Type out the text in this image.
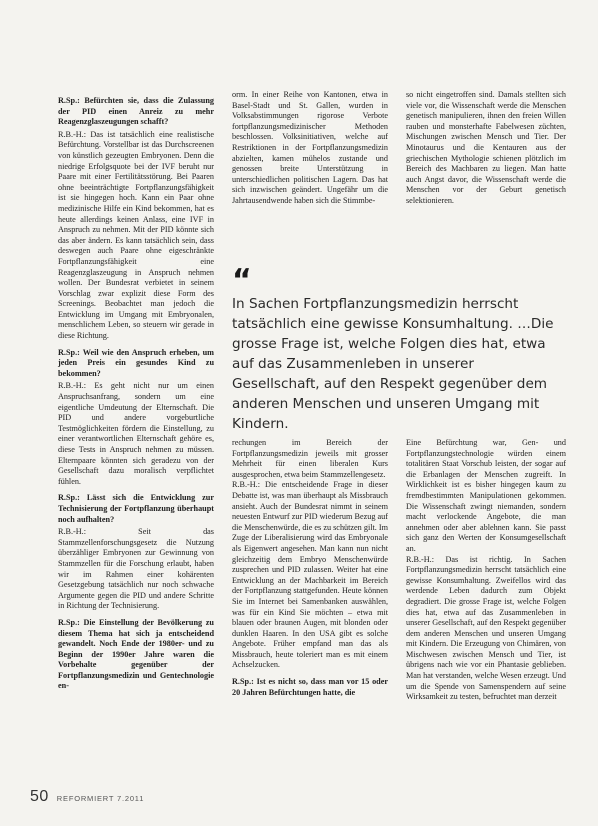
R.Sp.: Befürchten sie, dass die Zulassung der PID einen Anreiz zu mehr Reagenzglaszeugungen schafft?

R.B.-H.: Das ist tatsächlich eine realistische Befürchtung. Vorstellbar ist das Durchscreenen von künstlich gezeugten Embryonen. Denn die niedrige Erfolgsquote bei der IVF beruht nur Paare mit einer Fertilitätsstörung. Bei Paaren ohne beeinträchtigte Fortpflanzungsfähigkeit ist sie hingegen hoch. Kann ein Paar ohne medizinische Hilfe ein Kind bekommen, hat es heute allerdings keinen Anlass, eine IVF in Anspruch zu nehmen. Mit der PID könnte sich das aber ändern. Es kann tatsächlich sein, dass deswegen auch Paare ohne eigeschränkte Fortpflanzungsfähigkeit eine Reagenzglaszeugung in Anspruch nehmen wollen. Der Bundesrat verbietet in seinem Vorschlag zwar explizit diese Form des Screenings. Beobachtet man jedoch die Entwicklung im Umgang mit Embryonalen, menschlichem Leben, so steuern wir gerade in diese Richtung.

R.Sp.: Weil wie den Anspruch erheben, um jeden Preis ein gesundes Kind zu bekommen?

R.B.-H.: Es geht nicht nur um einen Anspruchsanfrang, sondern um eine eigentliche Umdeutung der Elternschaft. Die PID und andere vorgeburtliche Testmöglichkeiten fördern die Einstellung, zu einer verantwortlichen Elternschaft gehöre es, diese Tests in Anspruch nehmen zu müssen. Elternpaare könnten sich geradezu von der Gesellschaft dazu moralisch verpflichtet fühlen.

R.Sp.: Lässt sich die Entwicklung zur Technisierung der Fortpflanzung überhaupt noch aufhalten?

R.B.-H.: Seit das Stammzellenforschungsgesetz die Nutzung überzähliger Embryonen zur Gewinnung von Stammzellen für die Forschung erlaubt, haben wir im Rahmen einer kohärenten Gesetzgebung tatsächlich nur noch schwache Argumente gegen die PID und andere Schritte in Richtung der Technisierung.

R.Sp.: Die Einstellung der Bevölkerung zu diesem Thema hat sich ja entscheidend gewandelt. Noch Ende der 1980er- und zu Beginn der 1990er Jahre waren die Vorbehalte gegenüber der Fortpflanzungsmedizin und Gentechnologie en-

orm. In einer Reihe von Kantonen, etwa in Basel-Stadt und St. Gallen, wurden in Volksabstimmungen rigorose Verbote fortpflanzungsmedizinischer Methoden beschlossen. Volksinitiativen, welche auf Restriktionen in der Fortpflanzungsmedizin abzielten, kamen mühelos zustande und genossen breite Unterstützung in unterschiedlichen politischen Lagern. Das hat sich inzwischen geändert. Ungefähr um die Jahrtausendwende haben sich die Stimmbe-

so nicht eingetroffen sind. Damals stellten sich viele vor, die Wissenschaft werde die Menschen genetisch manipulieren, ihnen den freien Willen rauben und monsterhafte Fabelwesen züchten, Mischungen zwischen Mensch und Tier. Der Minotaurus und die Kentauren aus der griechischen Mythologie schienen plötzlich im Bereich des Machbaren zu liegen. Man hatte auch Angst davor, die Wissenschaft werde die Menschen vor der Geburt genetisch selektionieren.

“

In Sachen Fortpflanzungsmedizin herrscht tatsächlich eine gewisse Konsumhaltung. …Die grosse Frage ist, welche Folgen dies hat, etwa auf das Zusammenleben in unserer Gesellschaft, auf den Respekt gegenüber dem anderen Menschen und unseren Umgang mit Kindern.

rechungen im Bereich der Fortpflanzungsmedizin jeweils mit grosser Mehrheit für einen liberalen Kurs ausgesprochen, etwa beim Stammzellengesetz.

R.B.-H.: Die entscheidende Frage in dieser Debatte ist, was man überhaupt als Missbrauch ansieht. Auch der Bundesrat nimmt in seinem neuesten Entwurf zur PID wiederum Bezug auf die Menschenwürde, die es zu schützen gilt. Im Zuge der Liberalisierung wird das Embryonale als Eigenwert angesehen. Man kann nun nicht gleichzeitig dem Embryo Menschenwürde zusprechen und PID zulassen. Weiter hat eine Entwicklung an der Machbarkeit im Bereich der Fortpflanzung stattgefunden. Heute können Sie im Internet bei Samenbanken auswählen, was für ein Kind Sie möchten – etwa mit blauen oder braunen Augen, mit blonden oder dunklen Haaren. In den USA gibt es solche Angebote. Früher empfand man das als Missbrauch, heute toleriert man es mit einem Achselzucken.

R.Sp.: Ist es nicht so, dass man vor 15 oder 20 Jahren Befürchtungen hatte, die

Eine Befürchtung war, Gen- und Fortpflanzungstechnologie würden einem totalitären Staat Vorschub leisten, der sogar auf die Erbanlagen der Menschen zugreift. In Wirklichkeit ist es bisher hingegen kaum zu fremdbestimmten Manipulationen gekommen. Die Wissenschaft zwingt niemanden, sondern macht verlockende Angebote, die man annehmen oder aber ablehnen kann. Sie passt sich ganz den Werten der Konsumgesellschaft an.

R.B.-H.: Das ist richtig. In Sachen Fortpflanzungsmedizin herrscht tatsächlich eine gewisse Konsumhaltung. Zweifellos wird das werdende Leben dadurch zum Objekt degradiert. Die grosse Frage ist, welche Folgen dies hat, etwa auf das Zusammenleben in unserer Gesellschaft, auf den Respekt gegenüber dem anderen Menschen und unseren Umgang mit Kindern. Die Erzeugung von Chimären, von Mischwesen zwischen Mensch und Tier, ist übrigens nach wie vor ein Phantasie geblieben. Man hat verstanden, welche Wesen erzeugt. Und um die Spende von Samenspendern auf seine Wirksamkeit zu testen, befruchtet man derzeit

50 REFORMIERT 7.2011
